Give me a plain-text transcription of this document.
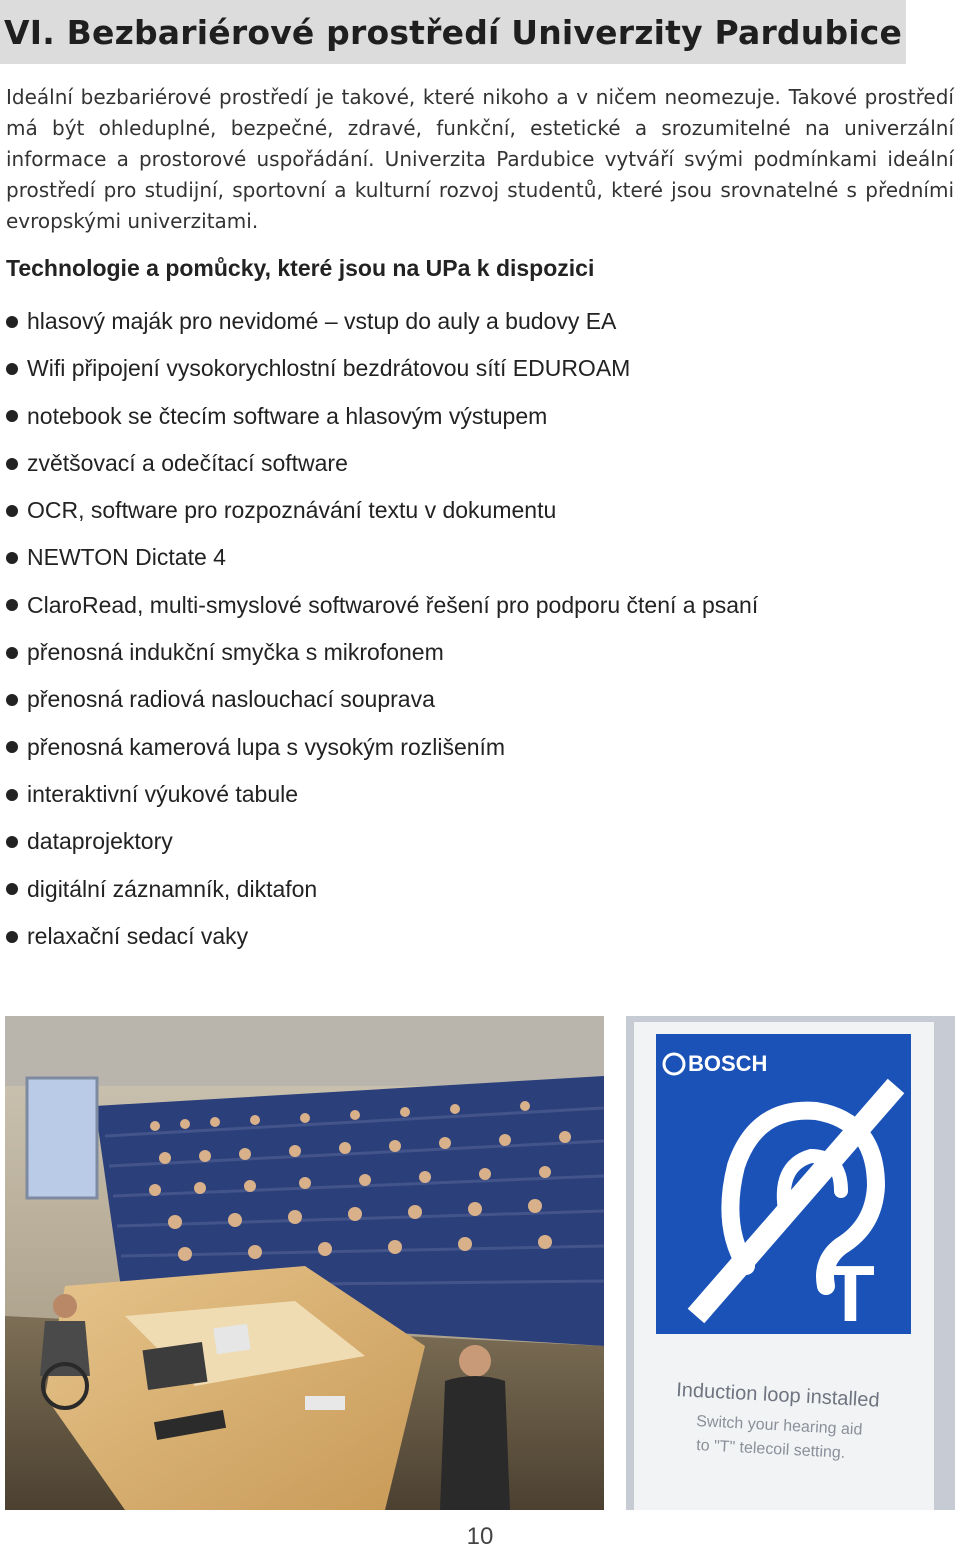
VI. Bezbariérové prostředí Univerzity Pardubice

Ideální bezbariérové prostředí je takové, které nikoho a v ničem neomezuje. Takové prostředí má být ohleduplné, bezpečné, zdravé, funkční, estetické a srozumitelné na univerzální informace a prostorové uspořádání. Univerzita Pardubice vytváří svými podmínkami ideální prostředí pro studijní, sportovní a kulturní rozvoj studentů, které jsou srovnatelné s předními evropskými univerzitami.

Technologie a pomůcky, které jsou na UPa k dispozici
hlasový maják pro nevidomé – vstup do auly a budovy EA
Wifi připojení vysokorychlostní bezdrátovou sítí EDUROAM
notebook se čtecím software a hlasovým výstupem
zvětšovací a odečítací software
OCR, software pro rozpoznávání textu v dokumentu
NEWTON Dictate 4
ClaroRead, multi-smyslové softwarové řešení pro podporu čtení a psaní
přenosná indukční smyčka s mikrofonem
přenosná radiová naslouchací souprava
přenosná kamerová lupa s vysokým rozlišením
interaktivní výukové tabule
dataprojektory
digitální záznamník, diktafon
relaxační sedací vaky
BOSCH
T
Induction loop installed
Switch your hearing aid
to "T" telecoil setting.
10
